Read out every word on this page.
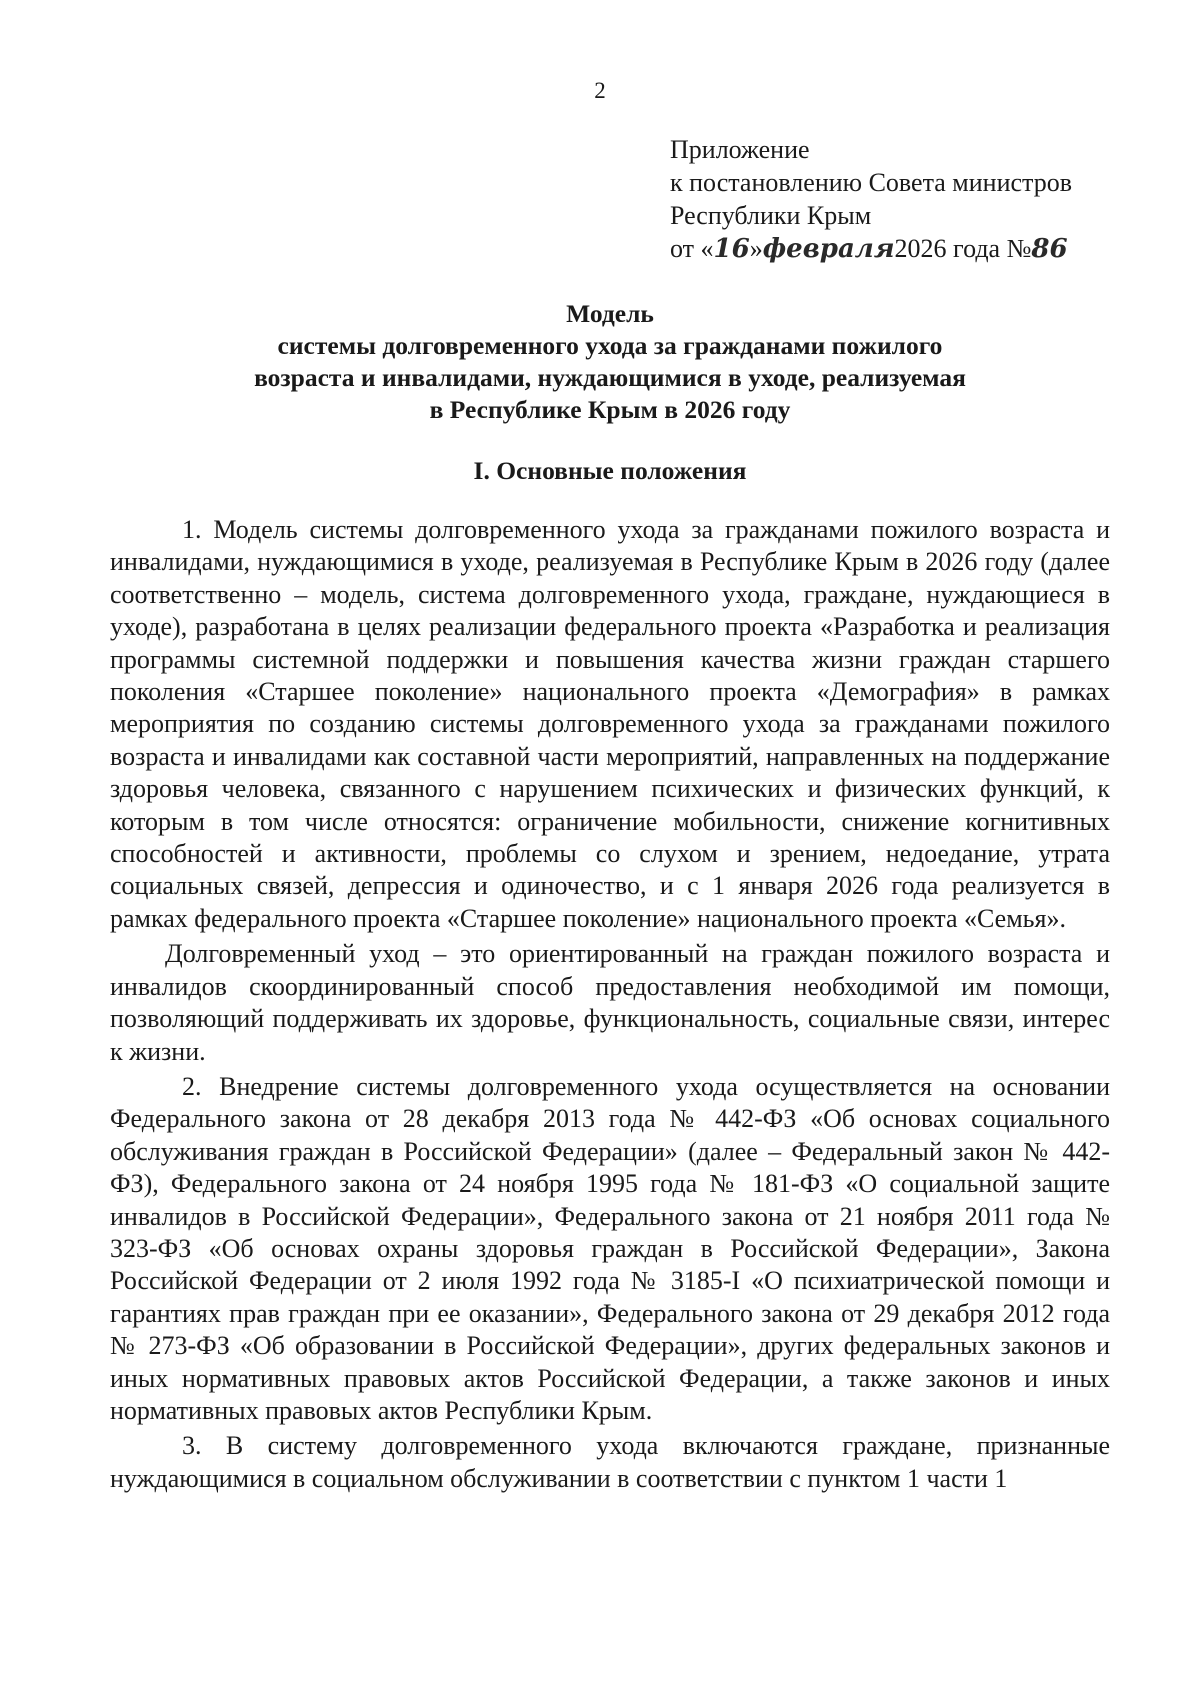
2
Приложение
к постановлению Совета министров
Республики Крым
от «16»февраля2026 года №86
Модель
системы долговременного ухода за гражданами пожилого
возраста и инвалидами, нуждающимися в уходе, реализуемая
в Республике Крым в 2026 году
I. Основные положения

1. Модель системы долговременного ухода за гражданами пожилого возраста и инвалидами, нуждающимися в уходе, реализуемая в Республике Крым в 2026 году (далее соответственно – модель, система долговременного ухода, граждане, нуждающиеся в уходе), разработана в целях реализации федерального проекта «Разработка и реализация программы системной поддержки и повышения качества жизни граждан старшего поколения «Старшее поколение» национального проекта «Демография» в рамках мероприятия по созданию системы долговременного ухода за гражданами пожилого возраста и инвалидами как составной части мероприятий, направленных на поддержание здоровья человека, связанного с нарушением психических и физических функций, к которым в том числе относятся: ограничение мобильности, снижение когнитивных способностей и активности, проблемы со слухом и зрением, недоедание, утрата социальных связей, депрессия и одиночество, и с 1 января 2026 года реализуется в рамках федерального проекта «Старшее поколение» национального проекта «Семья».

Долговременный уход – это ориентированный на граждан пожилого возраста и инвалидов скоординированный способ предоставления необходимой им помощи, позволяющий поддерживать их здоровье, функциональность, социальные связи, интерес к жизни.

2. Внедрение системы долговременного ухода осуществляется на основании Федерального закона от 28 декабря 2013 года № 442-ФЗ «Об основах социального обслуживания граждан в Российской Федерации» (далее – Федеральный закон № 442-ФЗ), Федерального закона от 24 ноября 1995 года № 181-ФЗ «О социальной защите инвалидов в Российской Федерации», Федерального закона от 21 ноября 2011 года № 323-ФЗ «Об основах охраны здоровья граждан в Российской Федерации», Закона Российской Федерации от 2 июля 1992 года № 3185-I «О психиатрической помощи и гарантиях прав граждан при ее оказании», Федерального закона от 29 декабря 2012 года № 273-ФЗ «Об образовании в Российской Федерации», других федеральных законов и иных нормативных правовых актов Российской Федерации, а также законов и иных нормативных правовых актов Республики Крым.

3. В систему долговременного ухода включаются граждане, признанные нуждающимися в социальном обслуживании в соответствии с пунктом 1 части 1
